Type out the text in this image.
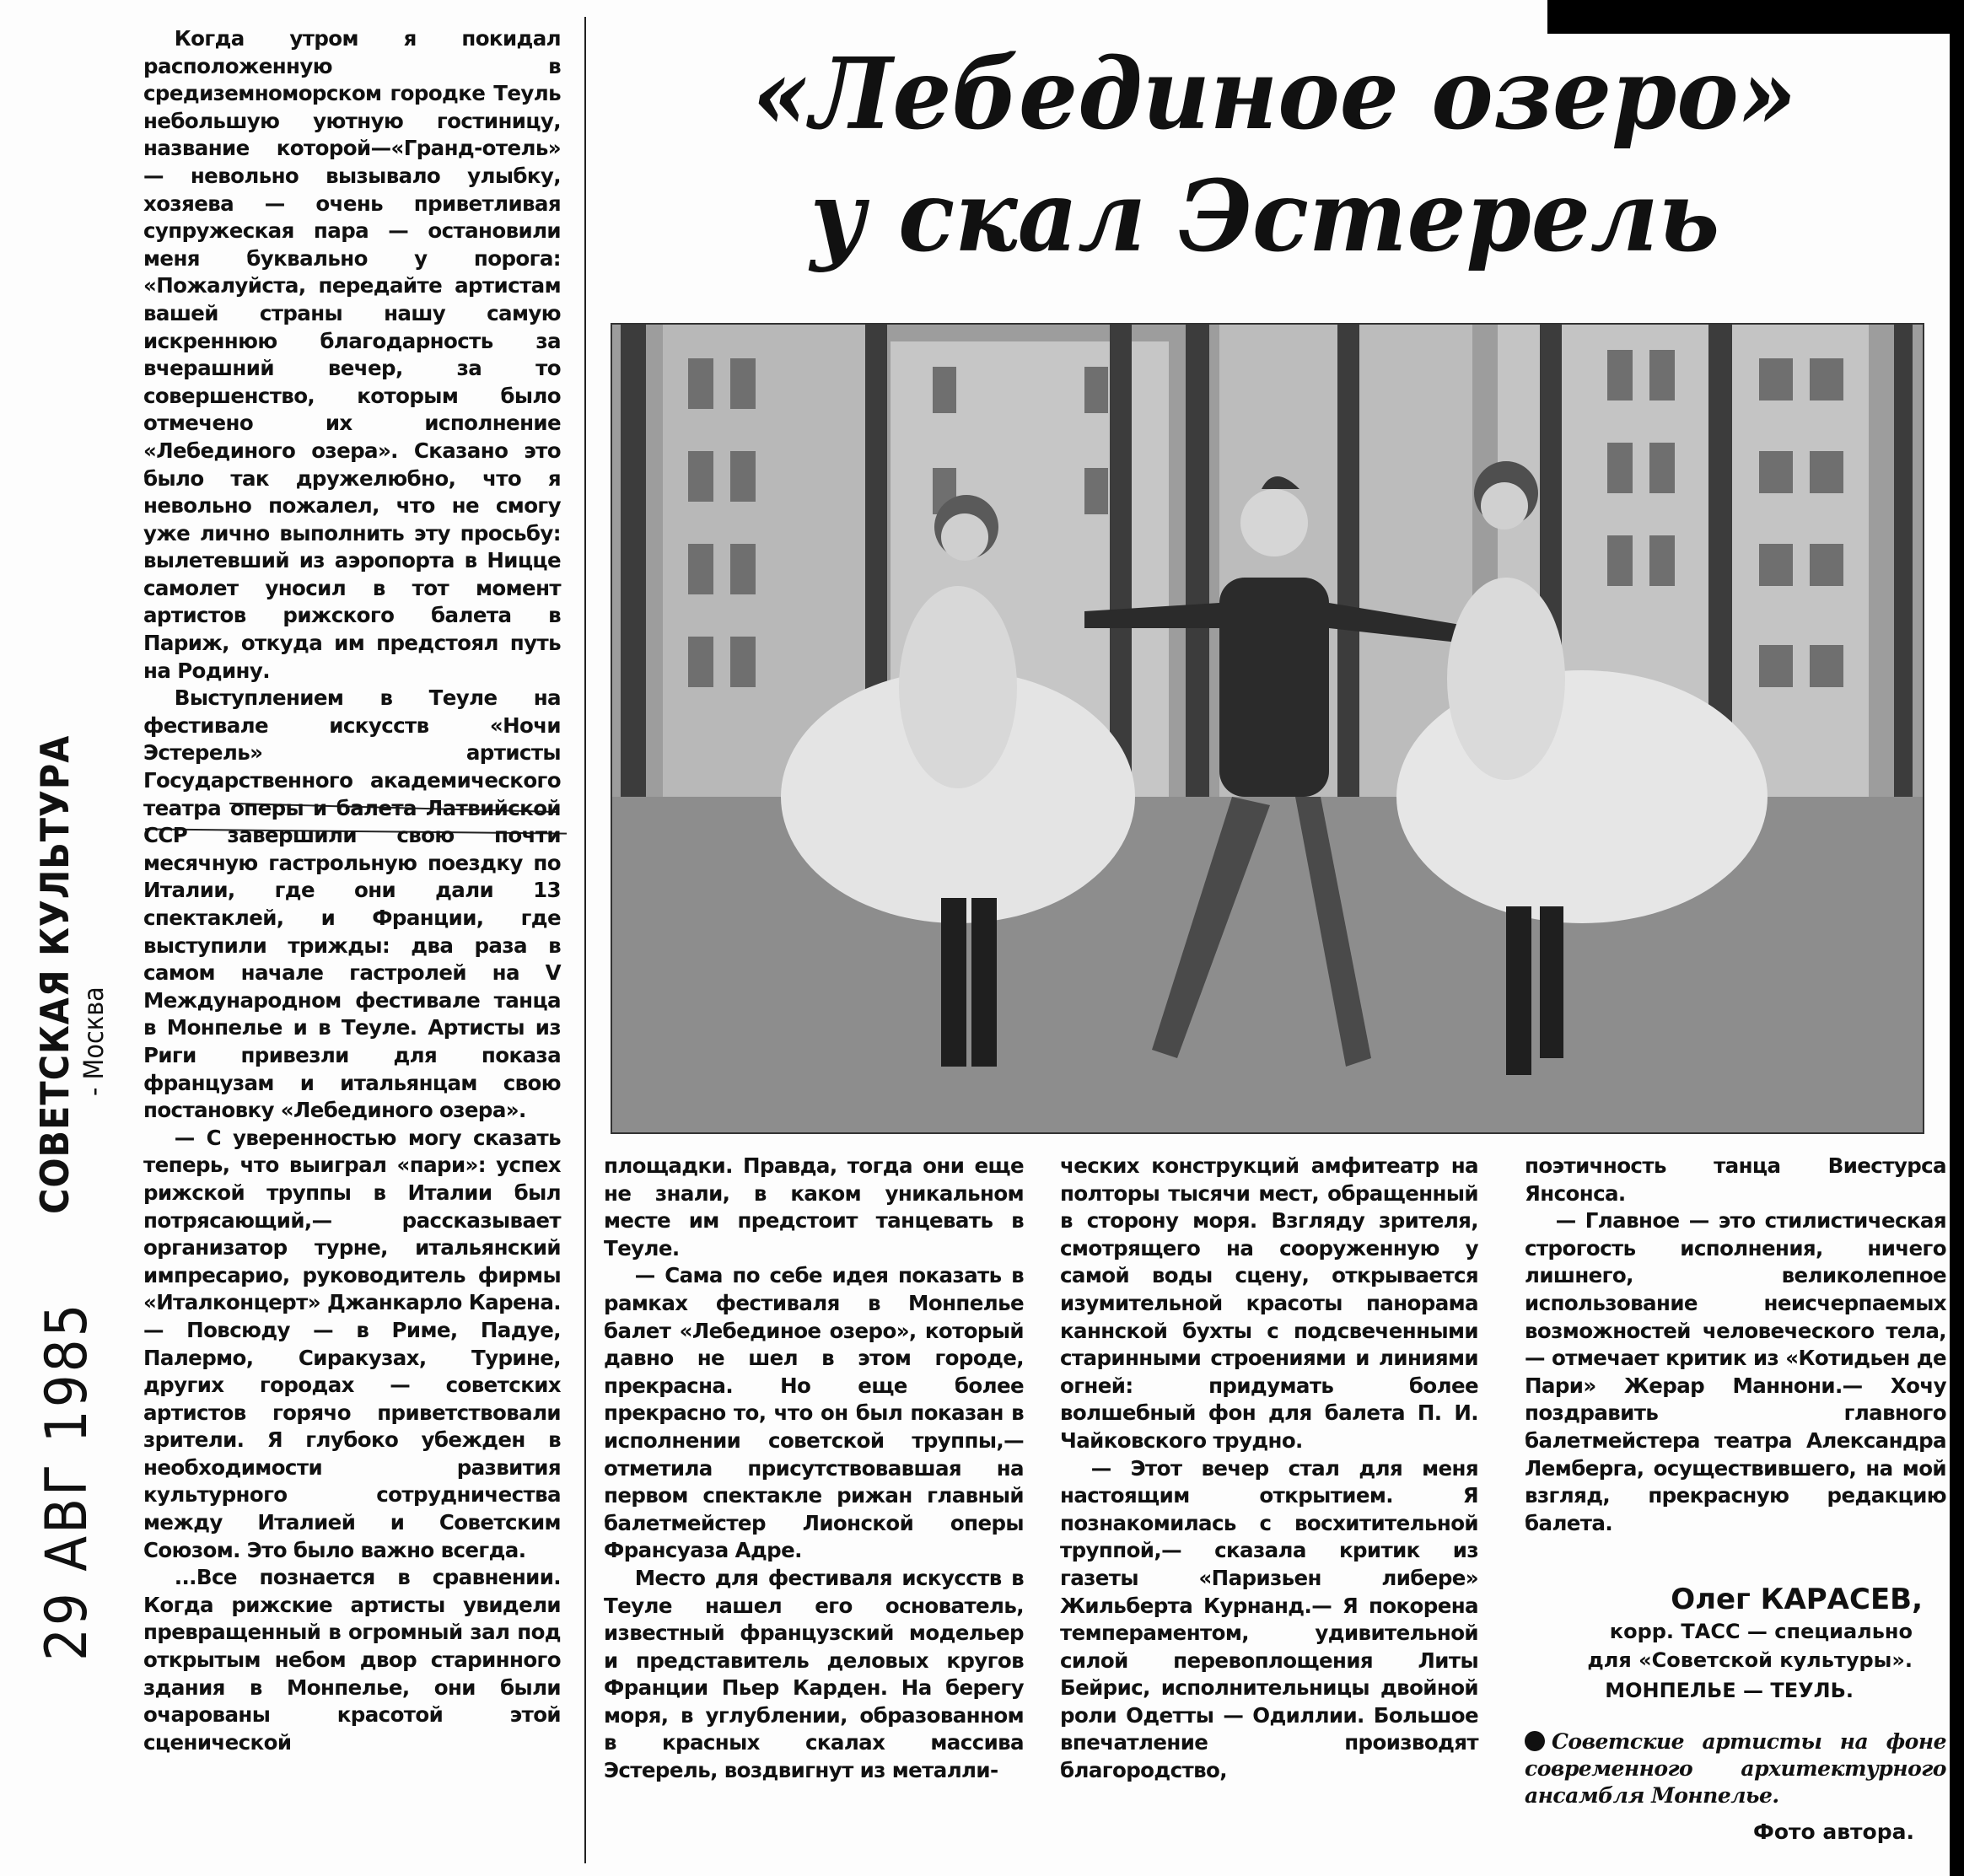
СОВЕТСКАЯ КУЛЬТУРА - Москва
29 АВГ 1985
«Лебединое озеро»
у скал Эстерель

Когда утром я покидал расположенную в средиземноморском городке Теуль небольшую уютную гостиницу, название которой—«Гранд-отель» — невольно вызывало улыбку, хозяева — очень приветливая супружеская пара — остановили меня буквально у порога: «Пожалуйста, передайте артистам вашей страны нашу самую искреннюю благодарность за вчерашний вечер, за то совершенство, которым было отмечено их исполнение «Лебединого озера». Сказано это было так дружелюбно, что я невольно пожалел, что не смогу уже лично выполнить эту просьбу: вылетевший из аэропорта в Ницце самолет уносил в тот момент артистов рижского балета в Париж, откуда им предстоял путь на Родину.

Выступлением в Теуле на фестивале искусств «Ночи Эстерель» артисты Государственного академического театра оперы и балета Латвийской ССР завершили свою почти месячную гастрольную поездку по Италии, где они дали 13 спектаклей, и Франции, где выступили трижды: два раза в самом начале гастролей на V Международном фестивале танца в Монпелье и в Теуле. Артисты из Риги привезли для показа французам и итальянцам свою постановку «Лебединого озера».

— С уверенностью могу сказать теперь, что выиграл «пари»: успех рижской труппы в Италии был потрясающий,— рассказывает организатор турне, итальянский импресарио, руководитель фирмы «Италконцерт» Джанкарло Карена.— Повсюду — в Риме, Падуе, Палермо, Сиракузах, Турине, других городах — советских артистов горячо приветствовали зрители. Я глубоко убежден в необходимости развития культурного сотрудничества между Италией и Советским Союзом. Это было важно всегда.

...Все познается в сравнении. Когда рижские артисты увидели превращенный в огромный зал под открытым небом двор старинного здания в Монпелье, они были очарованы красотой этой сценической

площадки. Правда, тогда они еще не знали, в каком уникальном месте им предстоит танцевать в Теуле.

— Сама по себе идея показать в рамках фестиваля в Монпелье балет «Лебединое озеро», который давно не шел в этом городе, прекрасна. Но еще более прекрасно то, что он был показан в исполнении советской труппы,— отметила присутствовавшая на первом спектакле рижан главный балетмейстер Лионской оперы Франсуаза Адре.

Место для фестиваля искусств в Теуле нашел его основатель, известный французский модельер и представитель деловых кругов Франции Пьер Карден. На берегу моря, в углублении, образованном в красных скалах массива Эстерель, воздвигнут из металли-

ческих конструкций амфитеатр на полторы тысячи мест, обращенный в сторону моря. Взгляду зрителя, смотрящего на сооруженную у самой воды сцену, открывается изумительной красоты панорама каннской бухты с подсвеченными старинными строениями и линиями огней: придумать более волшебный фон для балета П. И. Чайковского трудно.

— Этот вечер стал для меня настоящим открытием. Я познакомилась с восхитительной труппой,— сказала критик из газеты «Паризьен либере» Жильберта Курнанд.— Я покорена темпераментом, удивительной силой перевоплощения Литы Бейрис, исполнительницы двойной роли Одетты — Одиллии. Большое впечатление производят благородство,

поэтичность танца Виестурса Янсонса.

— Главное — это стилистическая строгость исполнения, ничего лишнего, великолепное использование неисчерпаемых возможностей человеческого тела,— отмечает критик из «Котидьен де Пари» Жерар Маннони.— Хочу поздравить главного балетмейстера театра Александра Лемберга, осуществившего, на мой взгляд, прекрасную редакцию балета.

Олег КАРАСЕВ,
корр. ТАСС — специально
для «Советской культуры».
МОНПЕЛЬЕ — ТЕУЛЬ.
Советские артисты на фоне современного архитектурного ансамбля Монпелье.
Фото автора.
